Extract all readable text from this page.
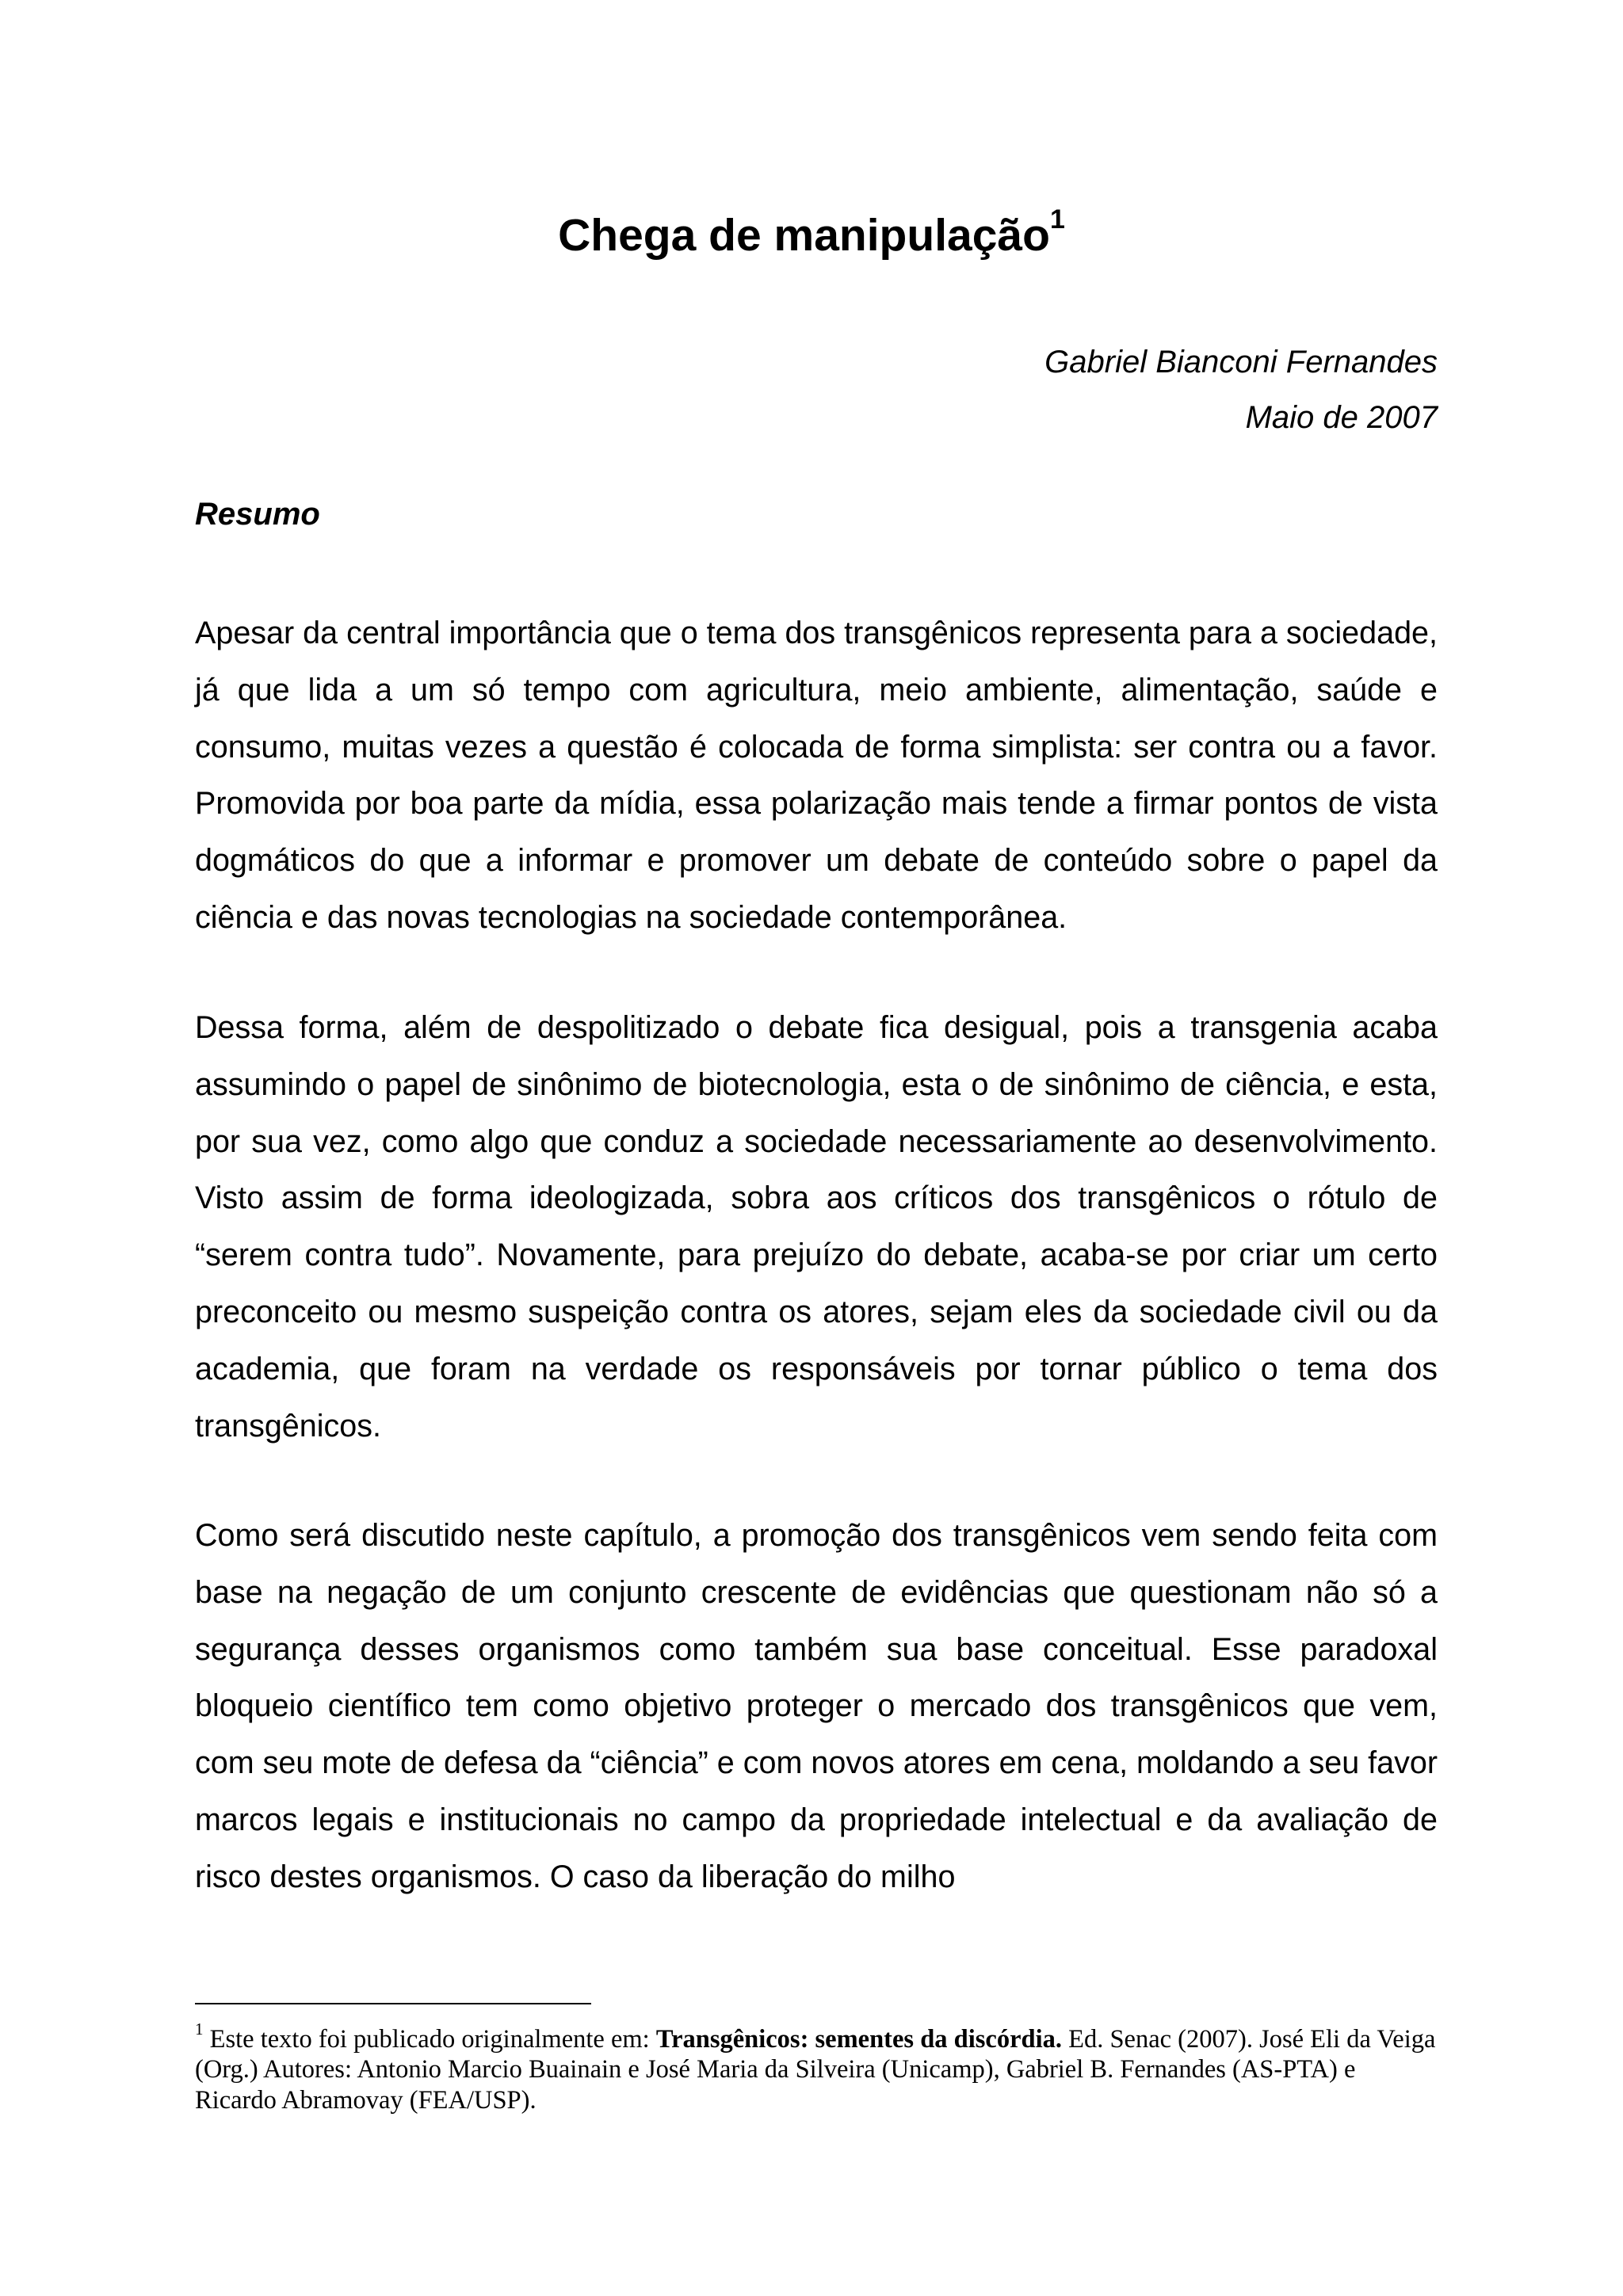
Chega de manipulação$^1$
Gabriel Bianconi Fernandes
Maio de 2007
Resumo

Apesar da central importância que o tema dos transgênicos representa para a sociedade, já que lida a um só tempo com agricultura, meio ambiente, alimentação, saúde e consumo, muitas vezes a questão é colocada de forma simplista: ser contra ou a favor. Promovida por boa parte da mídia, essa polarização mais tende a firmar pontos de vista dogmáticos do que a informar e promover um debate de conteúdo sobre o papel da ciência e das novas tecnologias na sociedade contemporânea.

Dessa forma, além de despolitizado o debate fica desigual, pois a transgenia acaba assumindo o papel de sinônimo de biotecnologia, esta o de sinônimo de ciência, e esta, por sua vez, como algo que conduz a sociedade necessariamente ao desenvolvimento. Visto assim de forma ideologizada, sobra aos críticos dos transgênicos o rótulo de “serem contra tudo”. Novamente, para prejuízo do debate, acaba-se por criar um certo preconceito ou mesmo suspeição contra os atores, sejam eles da sociedade civil ou da academia, que foram na verdade os responsáveis por tornar público o tema dos transgênicos.

Como será discutido neste capítulo, a promoção dos transgênicos vem sendo feita com base na negação de um conjunto crescente de evidências que questionam não só a segurança desses organismos como também sua base conceitual. Esse paradoxal bloqueio científico tem como objetivo proteger o mercado dos transgênicos que vem, com seu mote de defesa da “ciência” e com novos atores em cena, moldando a seu favor marcos legais e institucionais no campo da propriedade intelectual e da avaliação de risco destes organismos. O caso da liberação do milho

$^1$ Este texto foi publicado originalmente em: Transgênicos: sementes da discórdia. Ed. Senac (2007). José Eli da Veiga (Org.) Autores: Antonio Marcio Buainain e José Maria da Silveira (Unicamp), Gabriel B. Fernandes (AS-PTA) e Ricardo Abramovay (FEA/USP).
